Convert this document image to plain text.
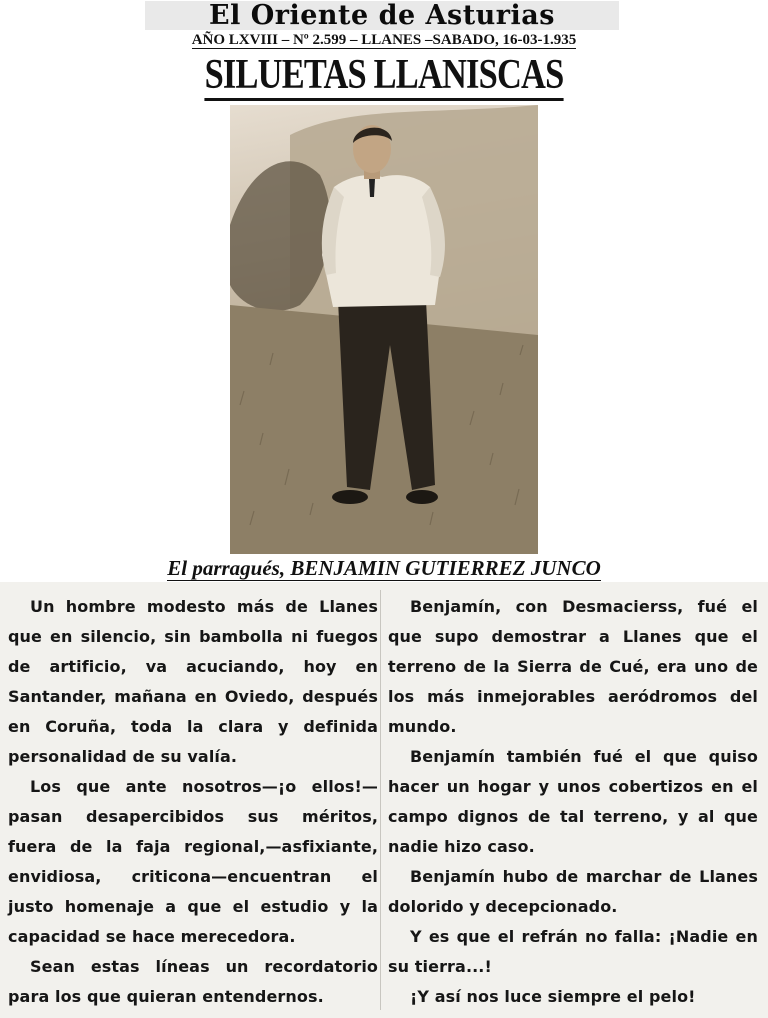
El Oriente de Asturias
AÑO LXVIII – Nº 2.599 – LLANES –SABADO, 16-03-1.935
SILUETAS LLANISCAS
El parragués, BENJAMIN GUTIERREZ JUNCO

Un hombre modesto más de Llanes que en silencio, sin bambolla ni fuegos de artificio, va acuciando, hoy en Santander, mañana en Oviedo, después en Coruña, toda la clara y definida personalidad de su valía.

Los que ante nosotros—¡o ellos!—pasan desapercibidos sus méritos, fuera de la faja regional,—asfixiante, envidiosa, criticona—encuentran el justo homenaje a que el estudio y la capacidad se hace merecedora.

Sean estas líneas un recordatorio para los que quieran entendernos.

Benjamín, con Desmacierss, fué el que supo demostrar a Llanes que el terreno de la Sierra de Cué, era uno de los más inmejorables aeródromos del mundo.

Benjamín también fué el que quiso hacer un hogar y unos cobertizos en el campo dignos de tal terreno, y al que nadie hizo caso.

Benjamín hubo de marchar de Llanes dolorido y decepcionado.

Y es que el refrán no falla: ¡Nadie en su tierra...!

¡Y así nos luce siempre el pelo!
